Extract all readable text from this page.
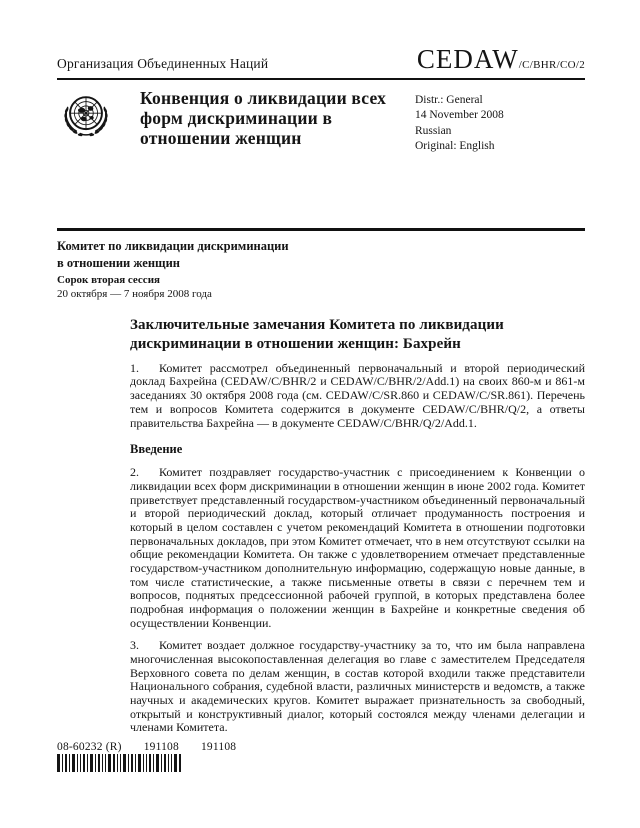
Организация Объединенных Наций	CEDAW/C/BHR/CO/2
Конвенция о ликвидации всех
форм дискриминации в
отношении женщин
Distr.: General
14 November 2008
Russian
Original: English
Комитет по ликвидации дискриминации
в отношении женщин
Сорок вторая сессия
20 октября — 7 ноября 2008 года
Заключительные замечания Комитета по ликвидации дискриминации в отношении женщин: Бахрейн

1. Комитет рассмотрел объединенный первоначальный и второй периодический доклад Бахрейна (CEDAW/C/BHR/2 и CEDAW/C/BHR/2/Add.1) на своих 860-м и 861-м заседаниях 30 октября 2008 года (см. CEDAW/C/SR.860 и CEDAW/C/SR.861). Перечень тем и вопросов Комитета содержится в документе CEDAW/C/BHR/Q/2, а ответы правительства Бахрейна — в документе CEDAW/C/BHR/Q/2/Add.1.

Введение

2. Комитет поздравляет государство-участник с присоединением к Конвенции о ликвидации всех форм дискриминации в отношении женщин в июне 2002 года. Комитет приветствует представленный государством-участником объединенный первоначальный и второй периодический доклад, который отличает продуманность построения и который в целом составлен с учетом рекомендаций Комитета в отношении подготовки первоначальных докладов, при этом Комитет отмечает, что в нем отсутствуют ссылки на общие рекомендации Комитета. Он также с удовлетворением отмечает представленные государством-участником дополнительную информацию, содержащую новые данные, в том числе статистические, а также письменные ответы в связи с перечнем тем и вопросов, поднятых предсессионной рабочей группой, в которых представлена более подробная информация о положении женщин в Бахрейне и конкретные сведения об осуществлении Конвенции.

3. Комитет воздает должное государству-участнику за то, что им была направлена многочисленная высокопоставленная делегация во главе с заместителем Председателя Верховного совета по делам женщин, в состав которой входили также представители Национального собрания, судебной власти, различных министерств и ведомств, а также научных и академических кругов. Комитет выражает признательность за свободный, открытый и конструктивный диалог, который состоялся между членами делегации и членами Комитета.

08-60232 (R) 191108 191108
